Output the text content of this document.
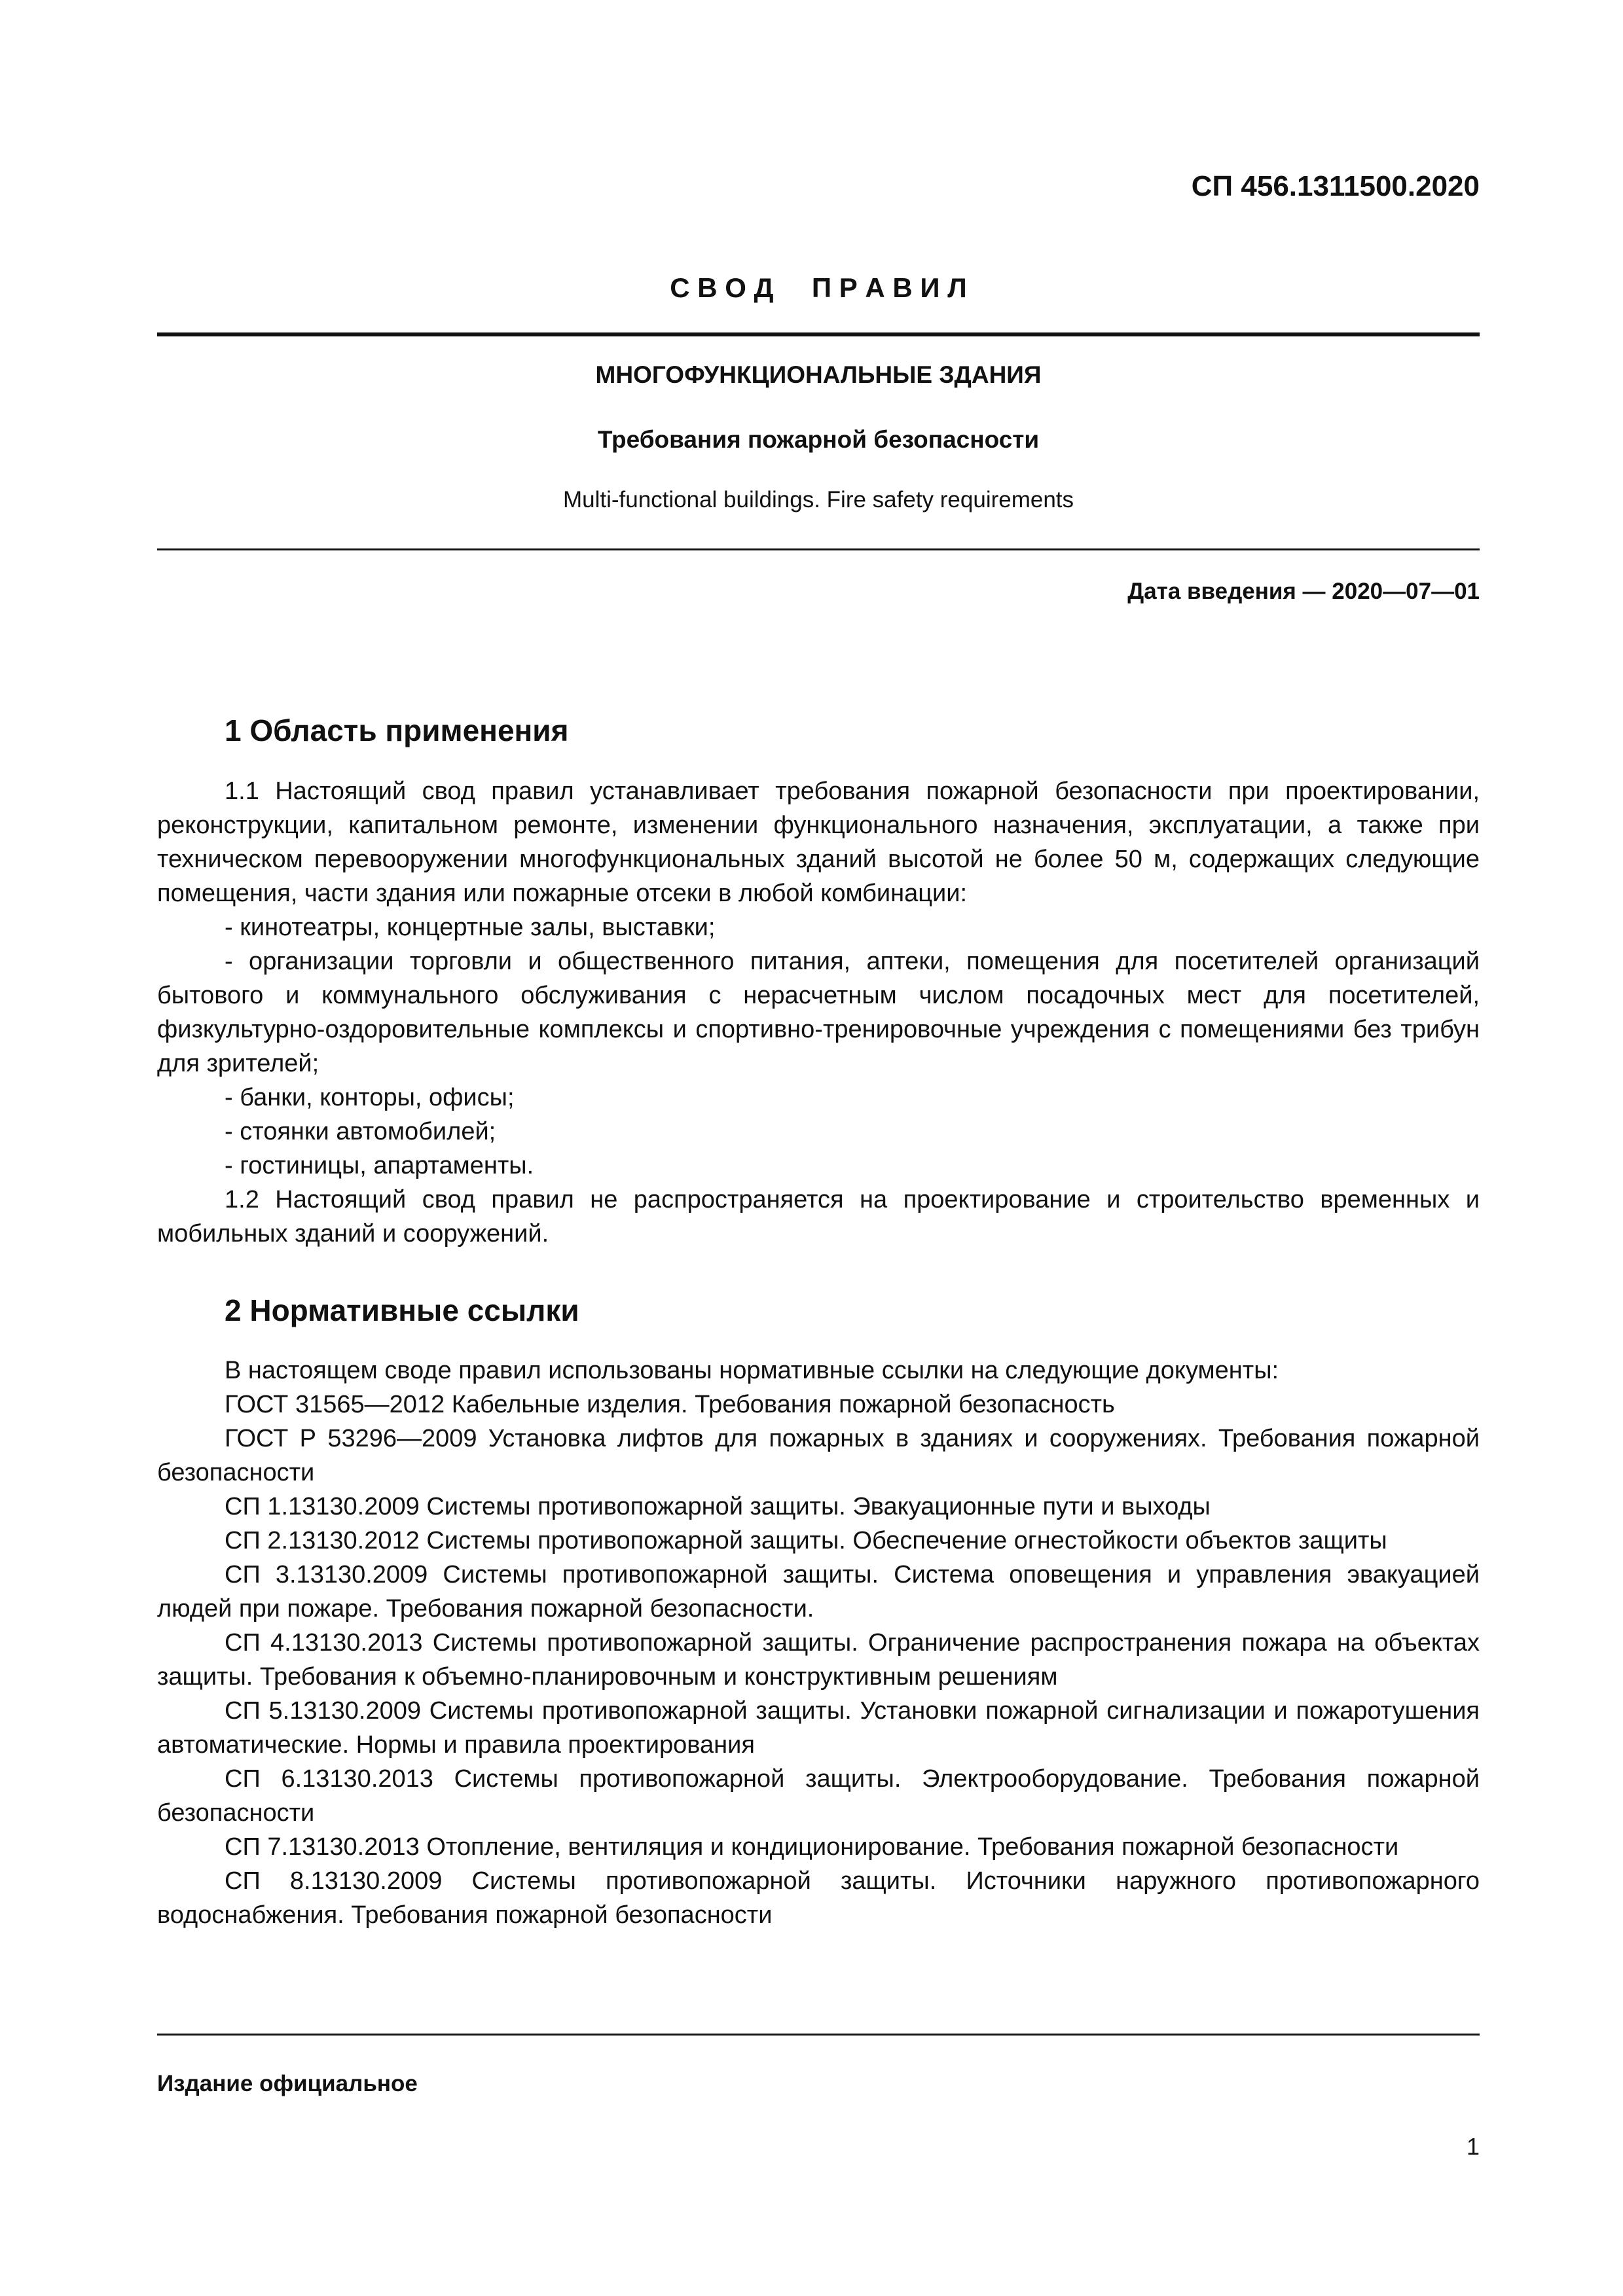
СП 456.1311500.2020
С В О Д     П Р А В И Л
МНОГОФУНКЦИОНАЛЬНЫЕ ЗДАНИЯ
Требования пожарной безопасности
Multi-functional buildings. Fire safety requirements
Дата введения — 2020—07—01
1 Область применения

1.1 Настоящий свод правил устанавливает требования пожарной безопасности при проектировании, реконструкции, капитальном ремонте, изменении функционального назначения, эксплуатации, а также при техническом перевооружении многофункциональных зданий высотой не более 50 м, содержащих следующие помещения, части здания или пожарные отсеки в любой комбинации:

- кинотеатры, концертные залы, выставки;

- организации торговли и общественного питания, аптеки, помещения для посетителей организаций бытового и коммунального обслуживания с нерасчетным числом посадочных мест для посетителей, физкультурно-оздоровительные комплексы и спортивно-тренировочные учреждения с помещениями без трибун для зрителей;

- банки, конторы, офисы;

- стоянки автомобилей;

- гостиницы, апартаменты.

1.2 Настоящий свод правил не распространяется на проектирование и строительство временных и мобильных зданий и сооружений.

2 Нормативные ссылки

В настоящем своде правил использованы нормативные ссылки на следующие документы:

ГОСТ 31565—2012 Кабельные изделия. Требования пожарной безопасность

ГОСТ Р 53296—2009 Установка лифтов для пожарных в зданиях и сооружениях. Требования пожарной безопасности

СП 1.13130.2009 Системы противопожарной защиты. Эвакуационные пути и выходы

СП 2.13130.2012 Системы противопожарной защиты. Обеспечение огнестойкости объектов защиты

СП 3.13130.2009 Системы противопожарной защиты. Система оповещения и управления эвакуацией людей при пожаре. Требования пожарной безопасности.

СП 4.13130.2013 Системы противопожарной защиты. Ограничение распространения пожара на объектах защиты. Требования к объемно-планировочным и конструктивным решениям

СП 5.13130.2009 Системы противопожарной защиты. Установки пожарной сигнализации и пожаротушения автоматические. Нормы и правила проектирования

СП 6.13130.2013 Системы противопожарной защиты. Электрооборудование. Требования пожарной безопасности

СП 7.13130.2013 Отопление, вентиляция и кондиционирование. Требования пожарной безопасности

СП 8.13130.2009 Системы противопожарной защиты. Источники наружного противопожарного водоснабжения. Требования пожарной безопасности

Издание официальное
1
